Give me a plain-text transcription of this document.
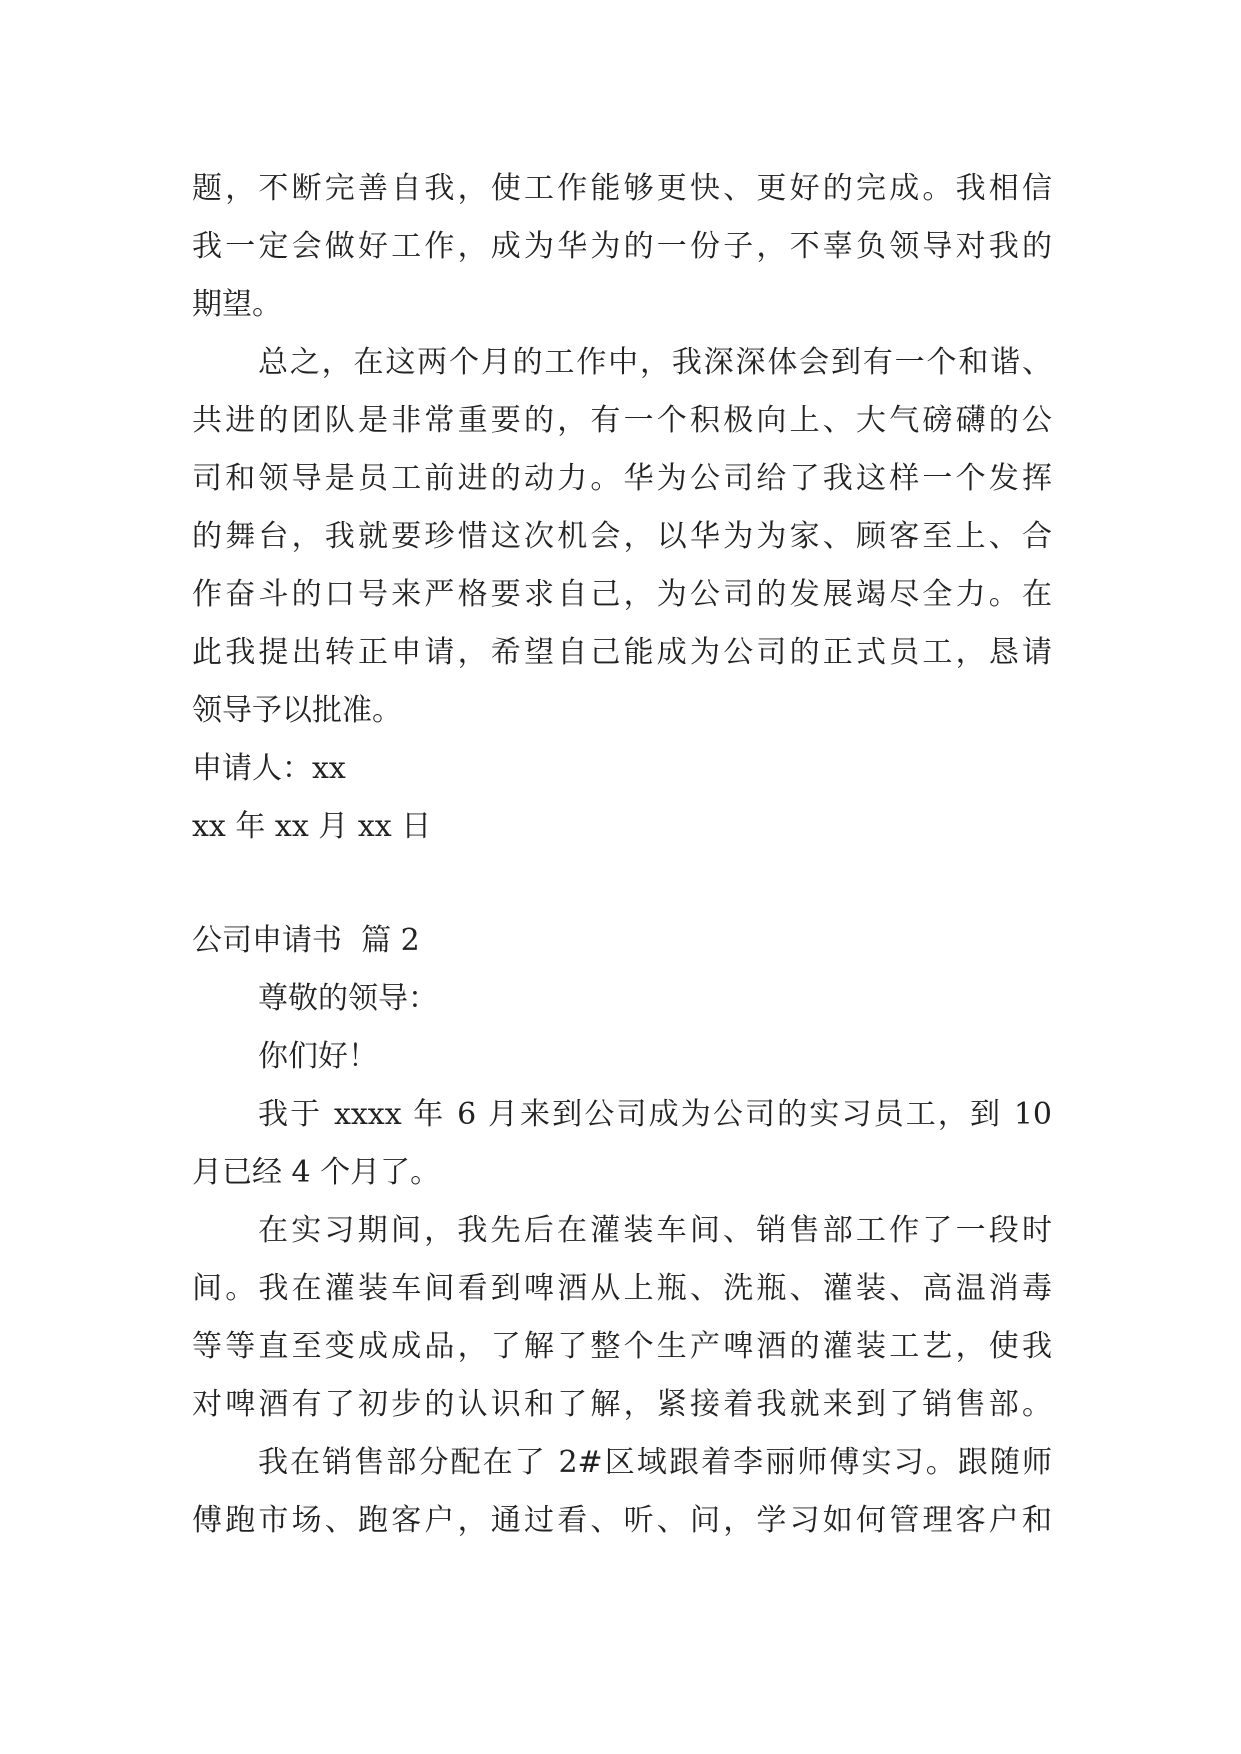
题，不断完善自我，使工作能够更快、更好的完成。我相信
我一定会做好工作，成为华为的一份子，不辜负领导对我的
期望。
总之，在这两个月的工作中，我深深体会到有一个和谐、
共进的团队是非常重要的，有一个积极向上、大气磅礴的公
司和领导是员工前进的动力。华为公司给了我这样一个发挥
的舞台，我就要珍惜这次机会，以华为为家、顾客至上、合
作奋斗的口号来严格要求自己，为公司的发展竭尽全力。在
此我提出转正申请，希望自己能成为公司的正式员工，恳请
领导予以批准。
申请人：xx
xx 年 xx 月 xx 日
公司申请书  篇 2
尊敬的领导：
你们好！
我于 xxxx 年 6 月来到公司成为公司的实习员工，到 10
月已经 4 个月了。
在实习期间，我先后在灌装车间、销售部工作了一段时
间。我在灌装车间看到啤酒从上瓶、洗瓶、灌装、高温消毒
等等直至变成成品，了解了整个生产啤酒的灌装工艺，使我
对啤酒有了初步的认识和了解，紧接着我就来到了销售部。
我在销售部分配在了 2#区域跟着李丽师傅实习。跟随师
傅跑市场、跑客户，通过看、听、问，学习如何管理客户和
